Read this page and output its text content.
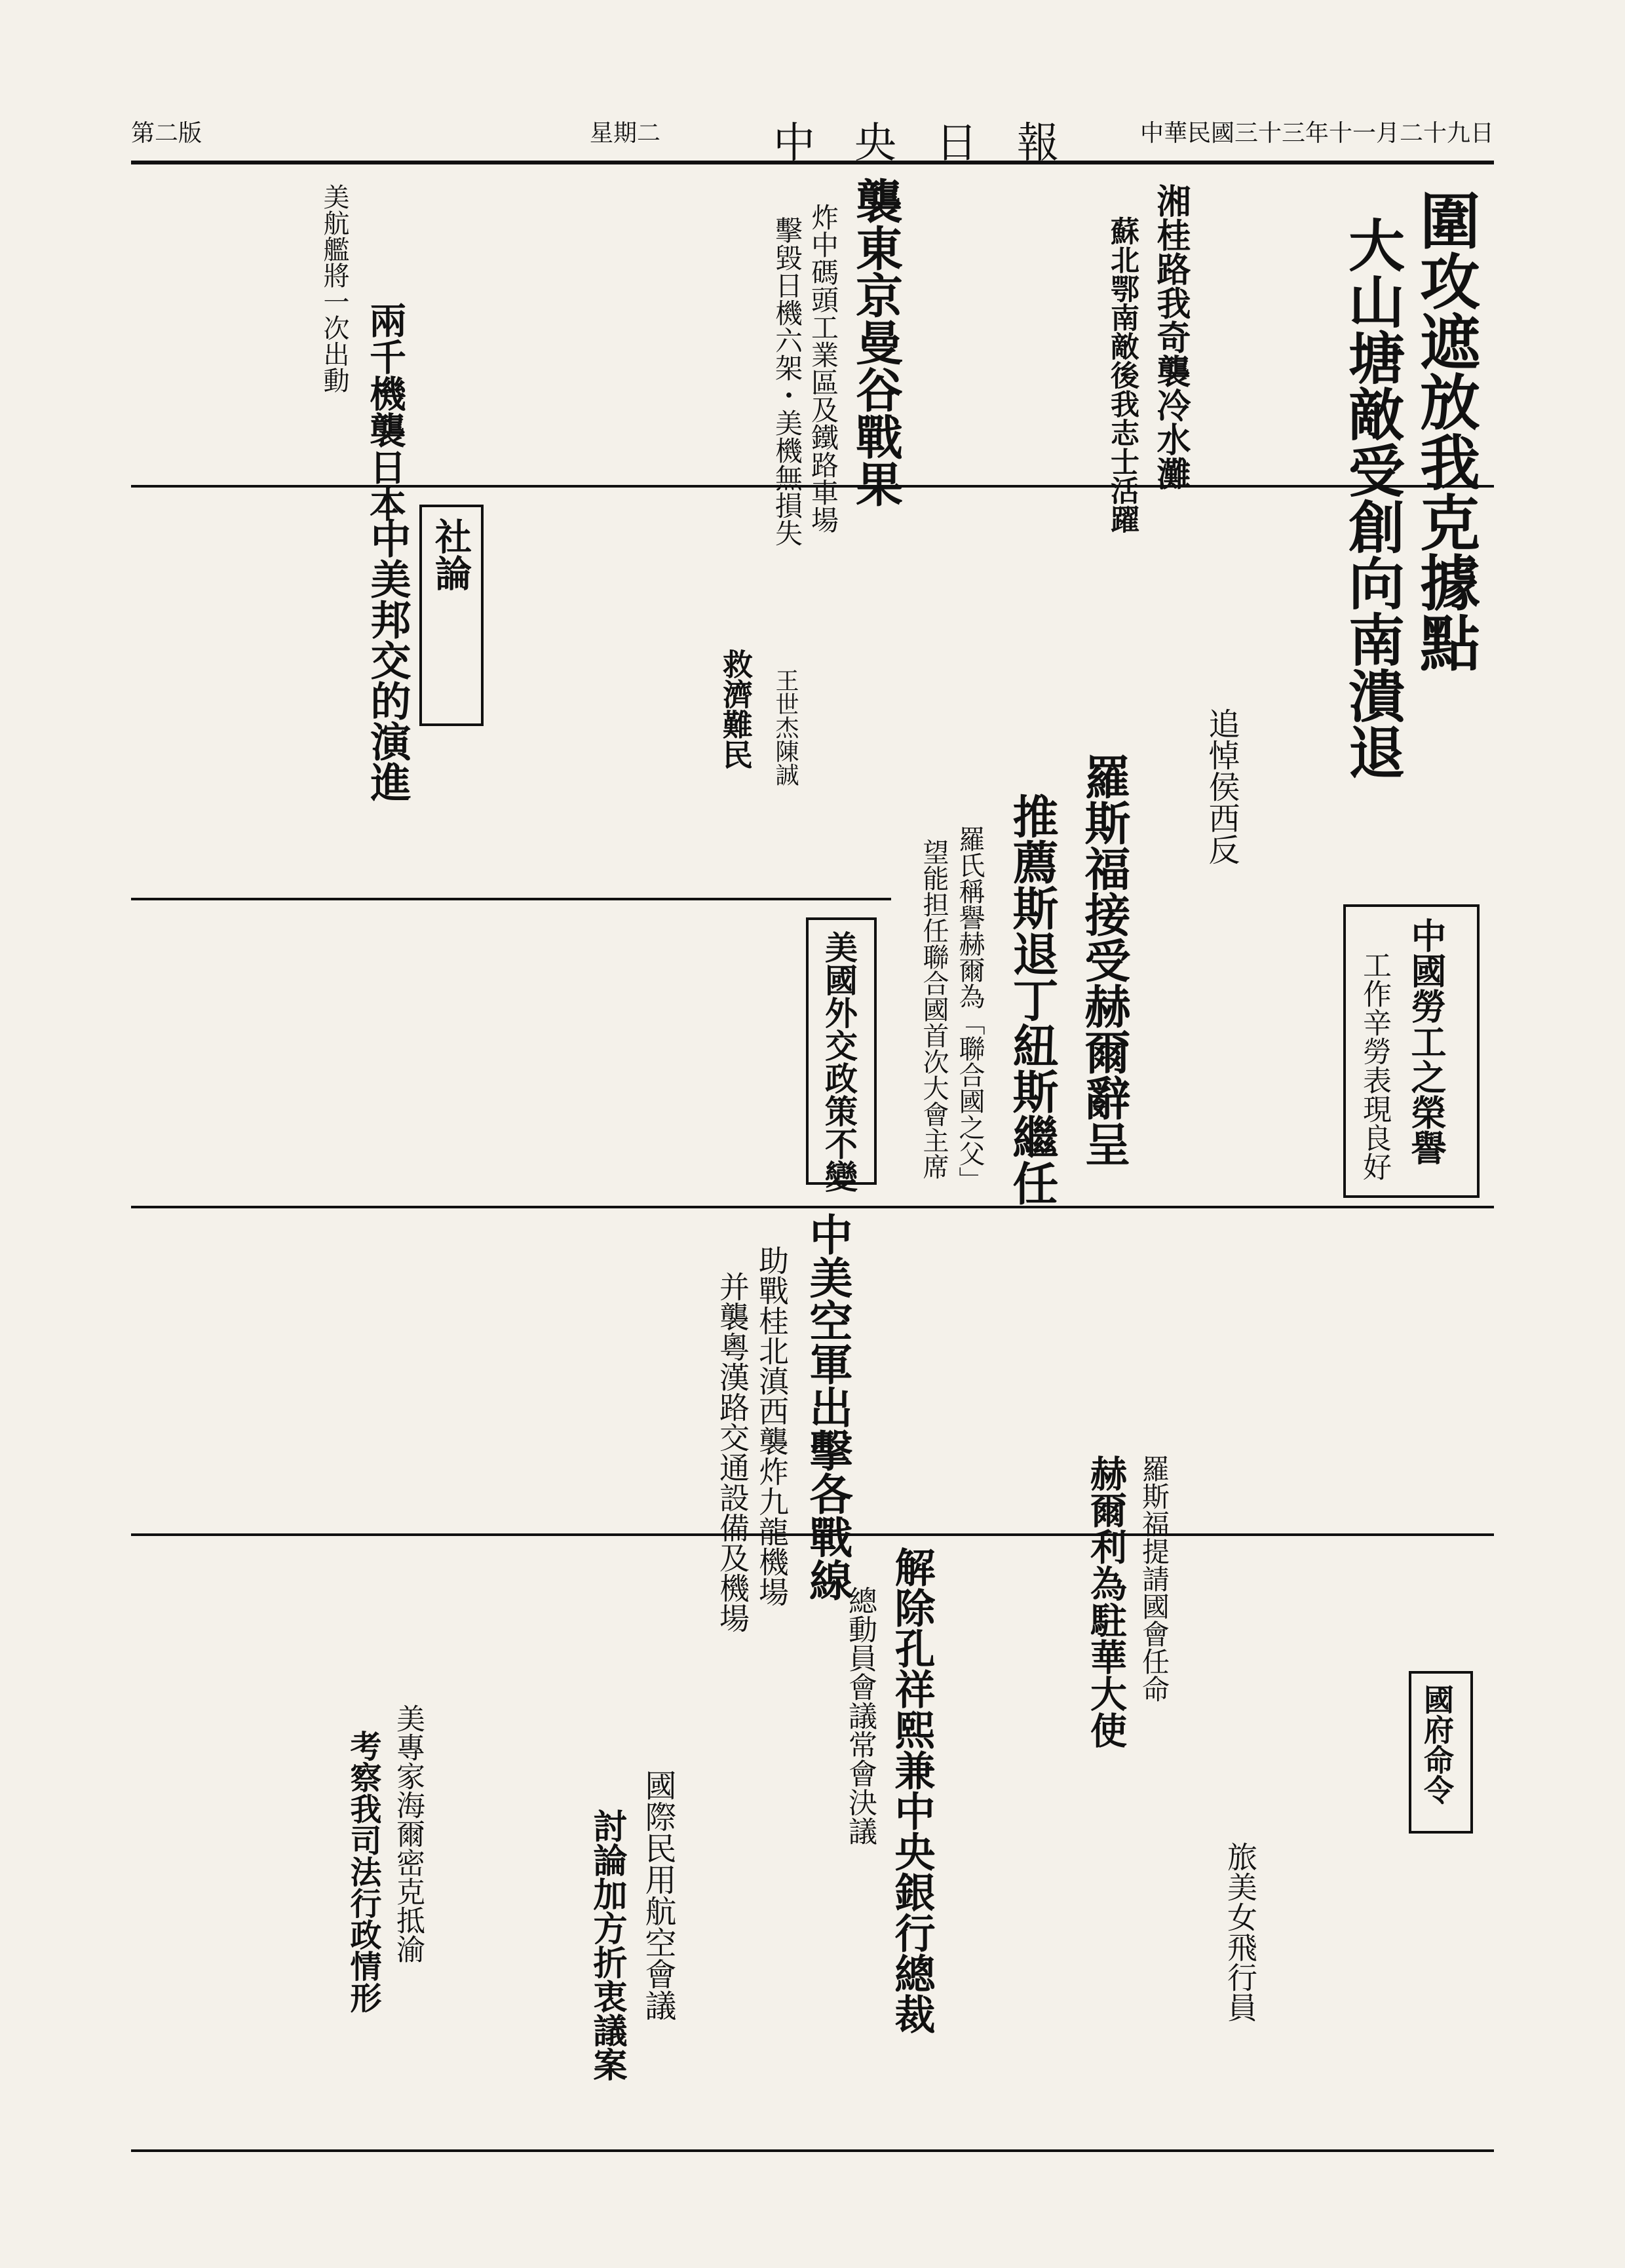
第二版	星期二	中央日報 中華民國三十三年十一月二十九日
圍攻遮放我克據點
大山塘敵受創向南潰退
湘桂路我奇襲冷水灘
蘇北鄂南敵後我志士活躍
襲東京曼谷戰果
炸中碼頭工業區及鐵路車場
擊毀日機六架・美機無損失
兩千機襲日本
美航艦將一次出動
社論
中美邦交的演進	救濟難民 王世杰陳誠
羅斯福接受赫爾辭呈
推薦斯退丁紐斯繼任
羅氏稱譽赫爾為「聯合國之父」
望能担任聯合國首次大會主席
美國外交政策不變
追悼侯西反
中國勞工之榮譽
工作辛勞表現良好
中美空軍出擊各戰線
助戰桂北滇西襲炸九龍機場
并襲粵漢路交通設備及機場	羅斯福提請國會任命
赫爾利為駐華大使	國府命令
解除孔祥熙兼中央銀行總裁
總動員會議常會決議
國際民用航空會議
討論加方折衷議案
美專家海爾密克抵渝
考察我司法行政情形	旅美女飛行員
